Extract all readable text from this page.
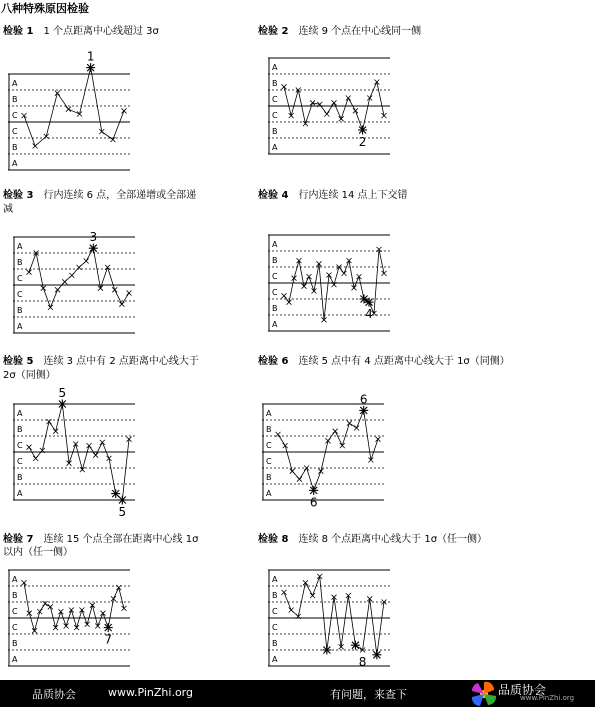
八种特殊原因检验
检验 1 1 个点距离中心线超过 3σ	检验 2 连续 9 个点在中心线同一侧
A
B
C
C
B
A
1
A
B
C
C
B
A	2
检验 3 行内连续 6 点，全部递增或全部递
减
检验 4 行内连续 14 点上下交错
A
B
C
C
B
A
3
A
B
C
C
B
A
4
检验 5 连续 3 点中有 2 点距离中心线大于
2σ（同侧）
检验 6 连续 5 点中有 4 点距离中心线大于 1σ（同侧）
A
B
C
C
B
A
5
5
A
B
C
C
B
A
6
6
检验 7 连续 15 个点全部在距离中心线 1σ
以内（任一侧）
检验 8 连续 8 个点距离中心线大于 1σ（任一侧）
A
B
C
C
B
A
7
A
B
C
C
B
A	8
品质协会	www.PinZhi.org	有问题，来查下	品质协会
www.PinZhi.org
